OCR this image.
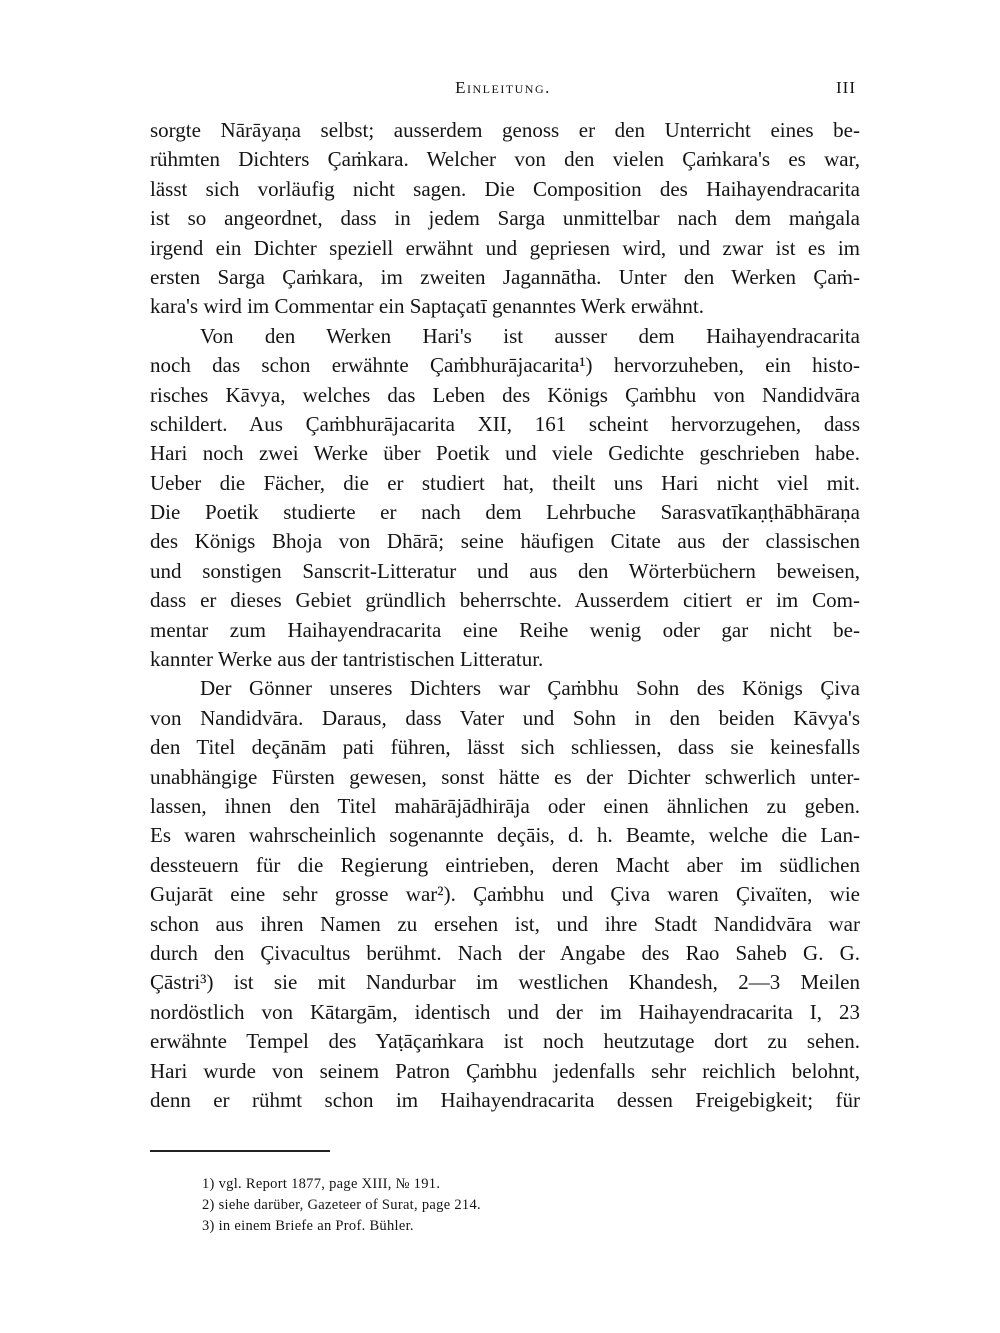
Einleitung.	III
sorgte Nārāyaṇa selbst; ausserdem genoss er den Unterricht eines be-
rühmten Dichters Çaṁkara. Welcher von den vielen Çaṁkara's es war,
lässt sich vorläufig nicht sagen. Die Composition des Haihayendracarita
ist so angeordnet, dass in jedem Sarga unmittelbar nach dem maṅgala
irgend ein Dichter speziell erwähnt und gepriesen wird, und zwar ist es im
ersten Sarga Çaṁkara, im zweiten Jagannātha. Unter den Werken Çaṁ-
kara's wird im Commentar ein Saptaçatī genanntes Werk erwähnt.
Von den Werken Hari's ist ausser dem Haihayendracarita
noch das schon erwähnte Çaṁbhurājacarita¹) hervorzuheben, ein histo-
risches Kāvya, welches das Leben des Königs Çaṁbhu von Nandidvāra
schildert. Aus Çaṁbhurājacarita XII, 161 scheint hervorzugehen, dass
Hari noch zwei Werke über Poetik und viele Gedichte geschrieben habe.
Ueber die Fächer, die er studiert hat, theilt uns Hari nicht viel mit.
Die Poetik studierte er nach dem Lehrbuche Sarasvatīkaṇṭhābhāraṇa
des Königs Bhoja von Dhārā; seine häufigen Citate aus der classischen
und sonstigen Sanscrit-Litteratur und aus den Wörterbüchern beweisen,
dass er dieses Gebiet gründlich beherrschte. Ausserdem citiert er im Com-
mentar zum Haihayendracarita eine Reihe wenig oder gar nicht be-
kannter Werke aus der tantristischen Litteratur.
Der Gönner unseres Dichters war Çaṁbhu Sohn des Königs Çiva
von Nandidvāra. Daraus, dass Vater und Sohn in den beiden Kāvya's
den Titel deçānām pati führen, lässt sich schliessen, dass sie keinesfalls
unabhängige Fürsten gewesen, sonst hätte es der Dichter schwerlich unter-
lassen, ihnen den Titel mahārājādhirāja oder einen ähnlichen zu geben.
Es waren wahrscheinlich sogenannte deçāis, d. h. Beamte, welche die Lan-
dessteuern für die Regierung eintrieben, deren Macht aber im südlichen
Gujarāt eine sehr grosse war²). Çaṁbhu und Çiva waren Çivaïten, wie
schon aus ihren Namen zu ersehen ist, und ihre Stadt Nandidvāra war
durch den Çivacultus berühmt. Nach der Angabe des Rao Saheb G. G.
Çāstri³) ist sie mit Nandurbar im westlichen Khandesh, 2—3 Meilen
nordöstlich von Kātargām, identisch und der im Haihayendracarita I, 23
erwähnte Tempel des Yaṭāçaṁkara ist noch heutzutage dort zu sehen.
Hari wurde von seinem Patron Çaṁbhu jedenfalls sehr reichlich belohnt,
denn er rühmt schon im Haihayendracarita dessen Freigebigkeit; für
1) vgl. Report 1877, page XIII, № 191.
2) siehe darüber, Gazeteer of Surat, page 214.
3) in einem Briefe an Prof. Bühler.
